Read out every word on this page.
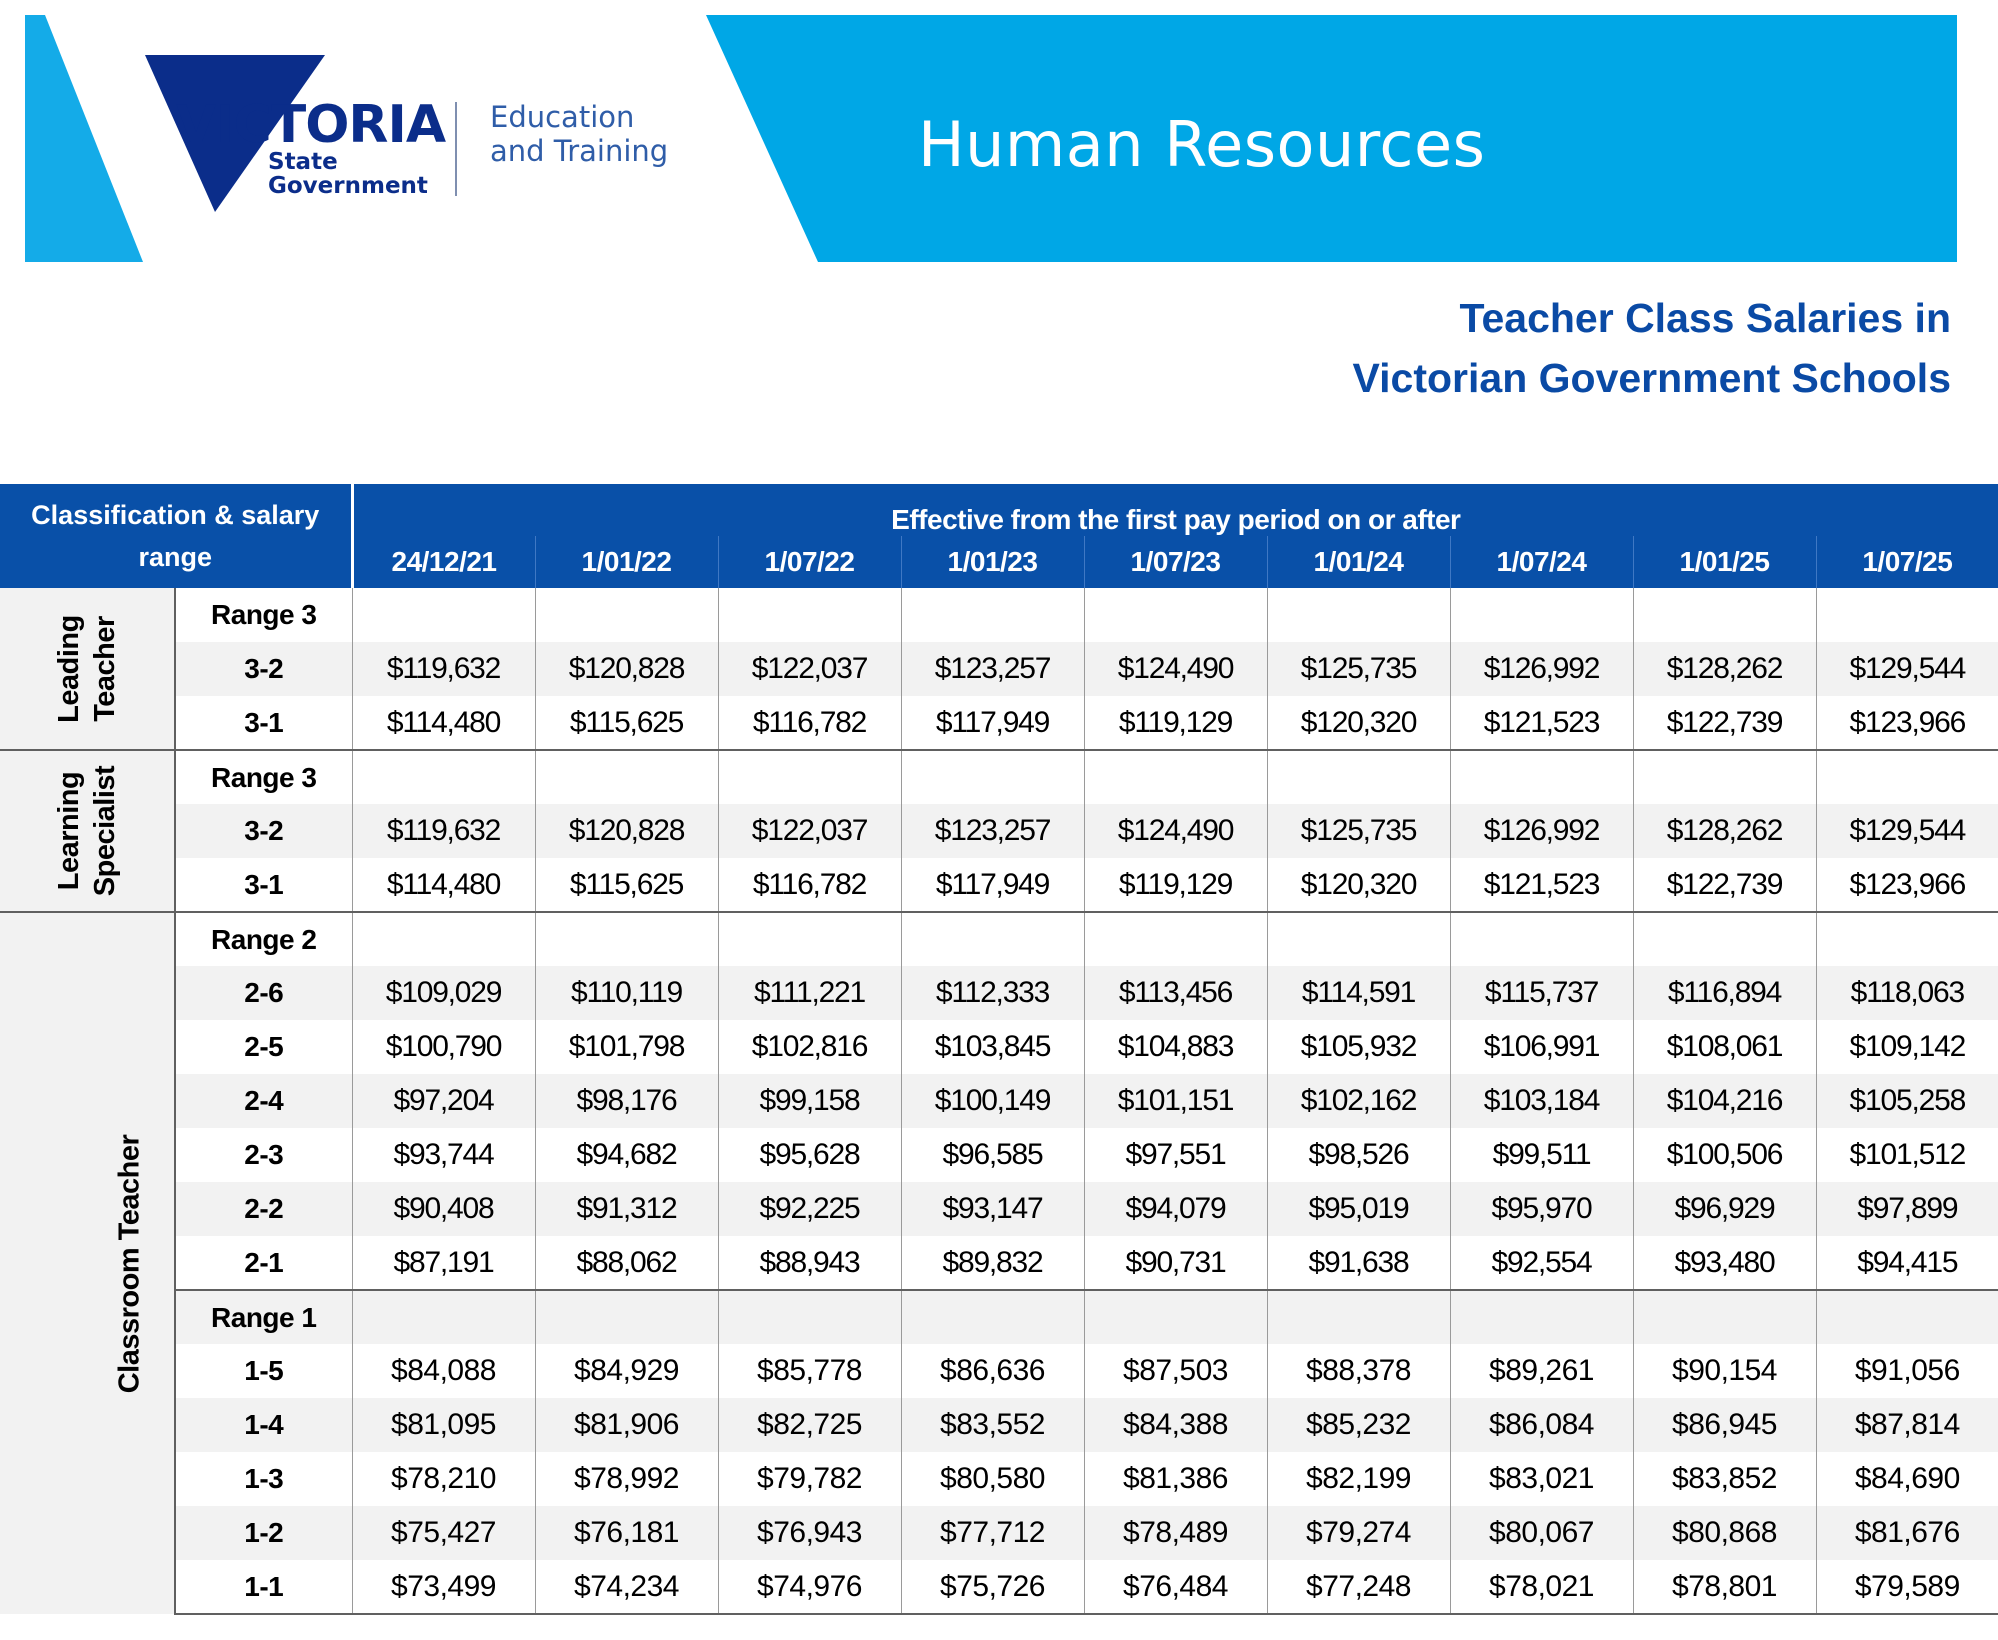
VICTORIA
State
Government
Education
and Training	Human Resources
Teacher Class Salaries in
Victorian Government Schools
Classification & salary range		Effective from the first pay period on or after								
		24/12/21	1/01/22	1/07/22	1/01/23	1/07/23	1/01/24	1/07/24	1/01/25	1/07/25

Leading Teacher	Range 3									
	3-2	$119,632	$120,828	$122,037	$123,257	$124,490	$125,735	$126,992	$128,262	$129,544
	3-1	$114,480	$115,625	$116,782	$117,949	$119,129	$120,320	$121,523	$122,739	$123,966

Learning Specialist	Range 3									
	3-2	$119,632	$120,828	$122,037	$123,257	$124,490	$125,735	$126,992	$128,262	$129,544
	3-1	$114,480	$115,625	$116,782	$117,949	$119,129	$120,320	$121,523	$122,739	$123,966

Classroom Teacher	Range 2									
	2-6	$109,029	$110,119	$111,221	$112,333	$113,456	$114,591	$115,737	$116,894	$118,063
	2-5	$100,790	$101,798	$102,816	$103,845	$104,883	$105,932	$106,991	$108,061	$109,142
	2-4	$97,204	$98,176	$99,158	$100,149	$101,151	$102,162	$103,184	$104,216	$105,258
	2-3	$93,744	$94,682	$95,628	$96,585	$97,551	$98,526	$99,511	$100,506	$101,512
	2-2	$90,408	$91,312	$92,225	$93,147	$94,079	$95,019	$95,970	$96,929	$97,899
	2-1	$87,191	$88,062	$88,943	$89,832	$90,731	$91,638	$92,554	$93,480	$94,415
	Range 1									
	1-5	$84,088	$84,929	$85,778	$86,636	$87,503	$88,378	$89,261	$90,154	$91,056
	1-4	$81,095	$81,906	$82,725	$83,552	$84,388	$85,232	$86,084	$86,945	$87,814
	1-3	$78,210	$78,992	$79,782	$80,580	$81,386	$82,199	$83,021	$83,852	$84,690
	1-2	$75,427	$76,181	$76,943	$77,712	$78,489	$79,274	$80,067	$80,868	$81,676
	1-1	$73,499	$74,234	$74,976	$75,726	$76,484	$77,248	$78,021	$78,801	$79,589
